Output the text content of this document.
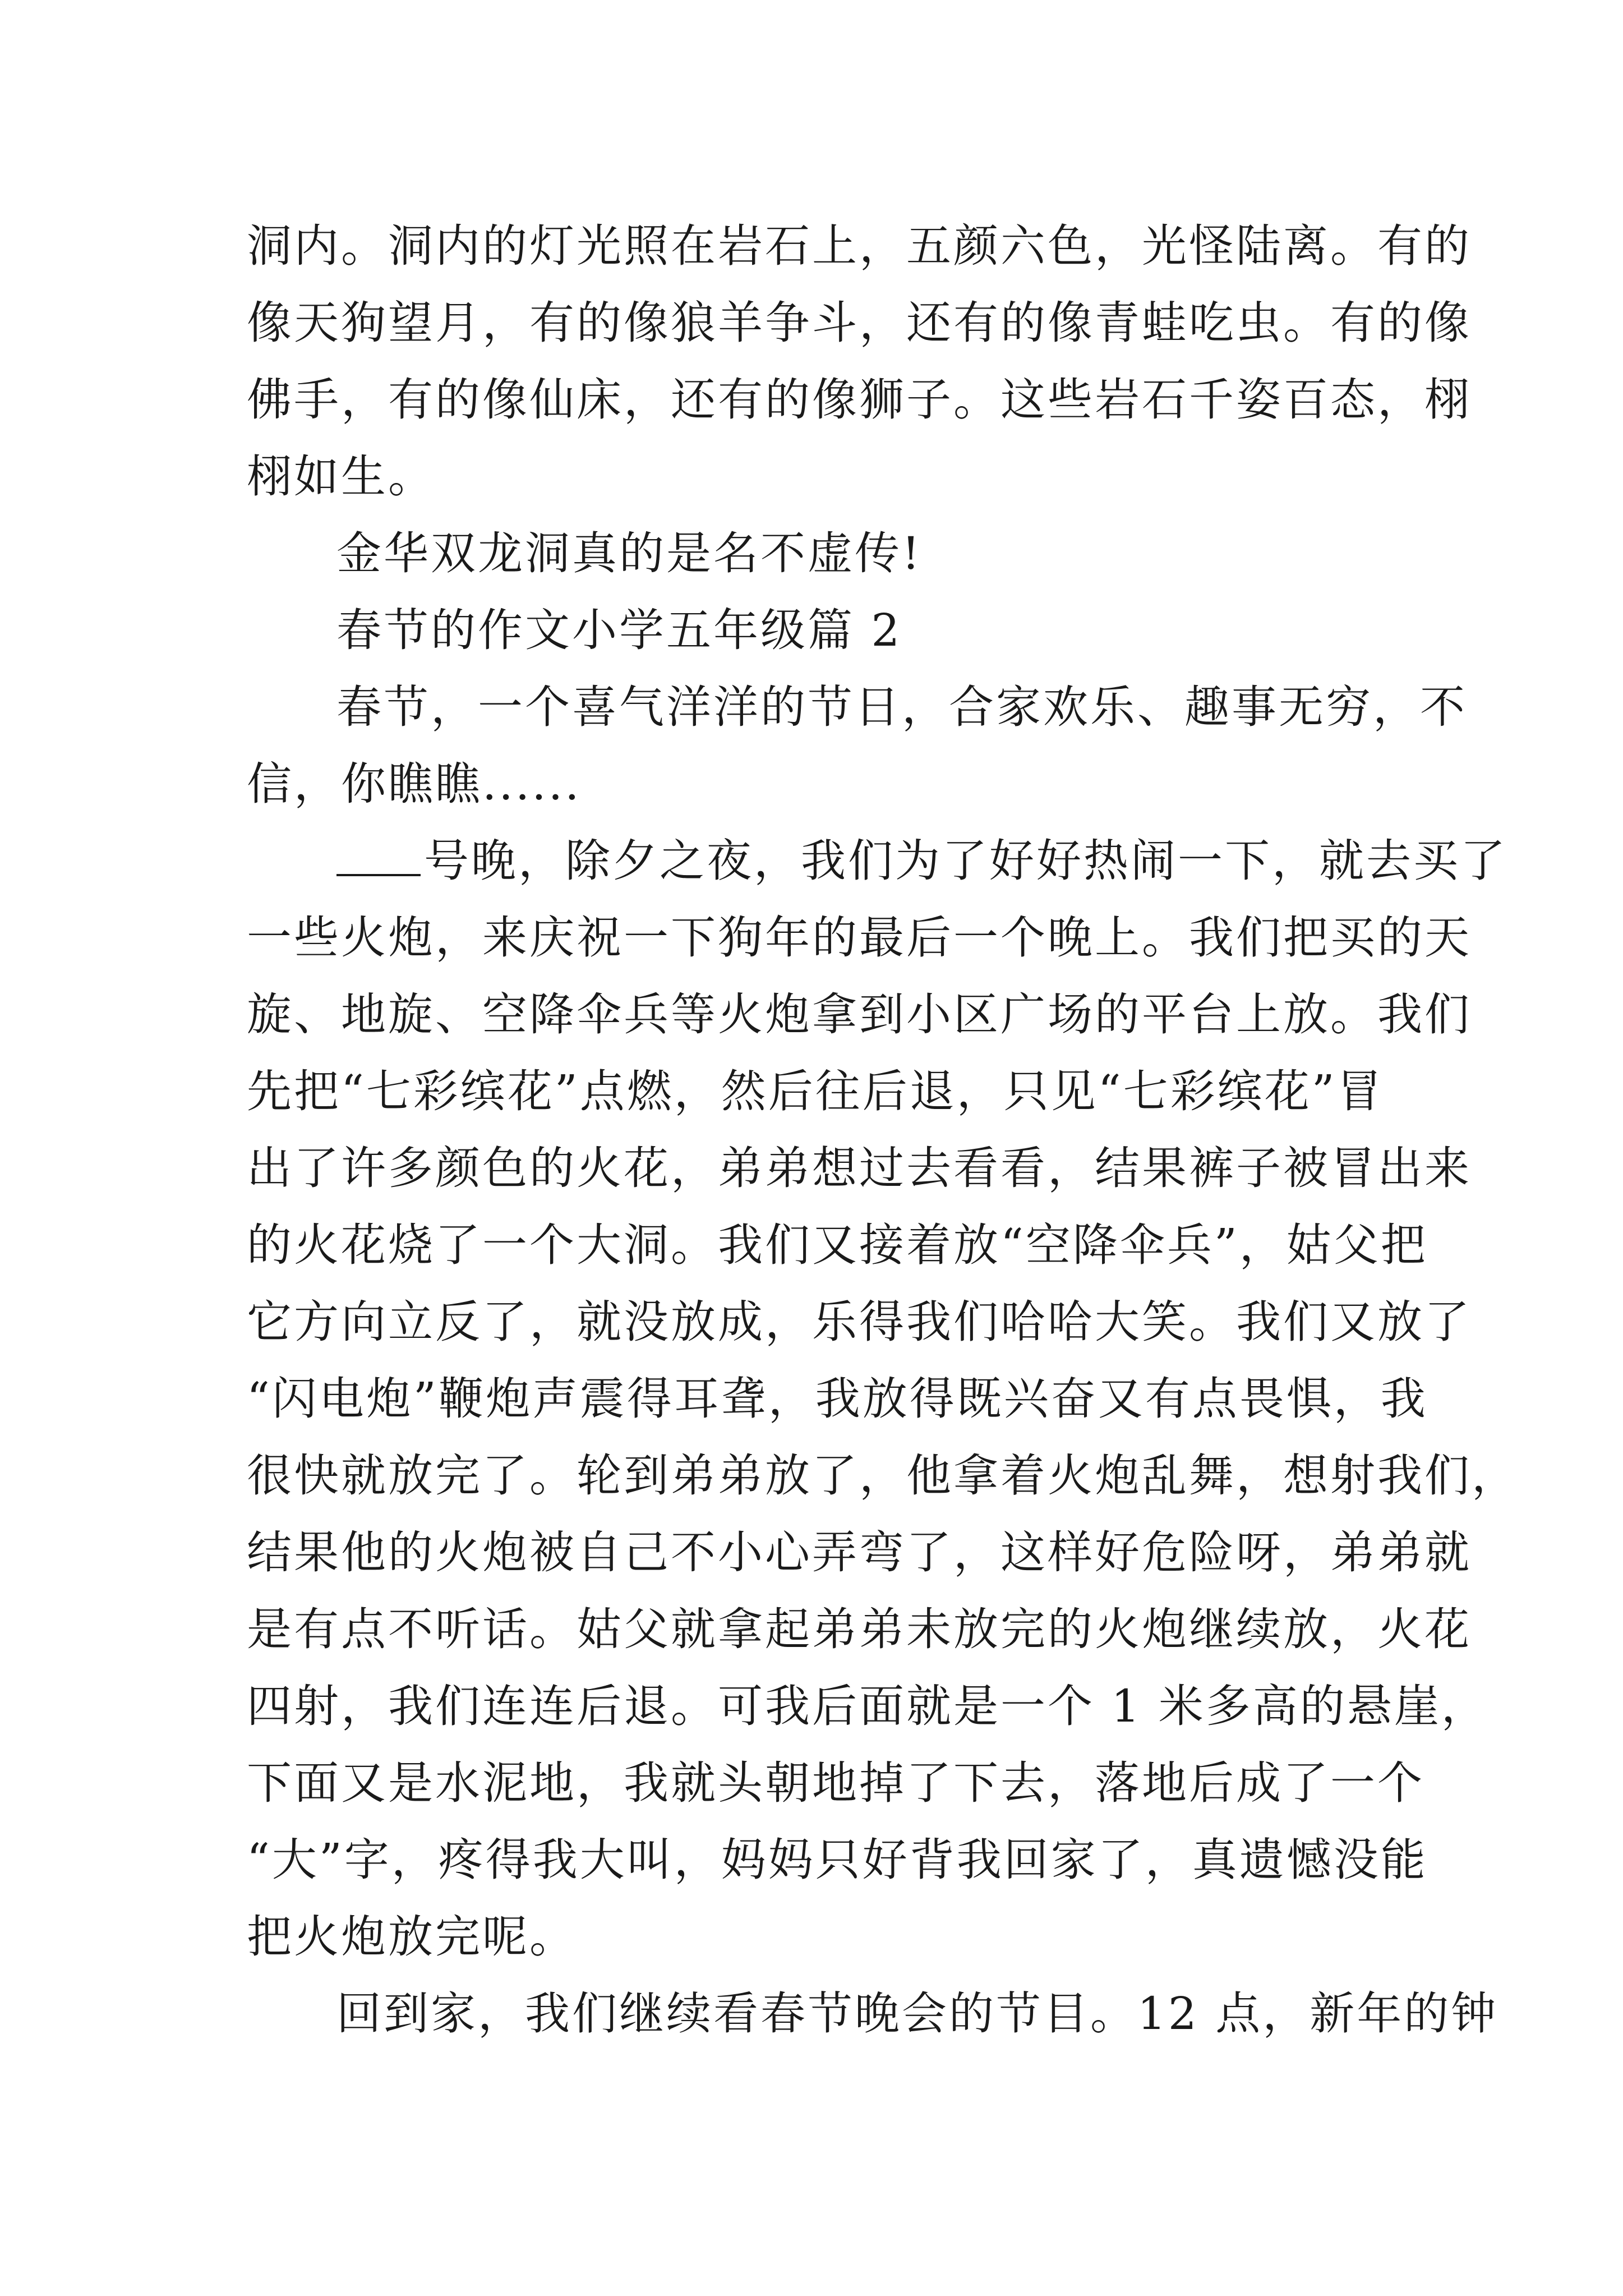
洞内。洞内的灯光照在岩石上，五颜六色，光怪陆离。有的
像天狗望月，有的像狼羊争斗，还有的像青蛙吃虫。有的像
佛手，有的像仙床，还有的像狮子。这些岩石千姿百态，栩
栩如生。
金华双龙洞真的是名不虚传!
春节的作文小学五年级篇 2
春节，一个喜气洋洋的节日，合家欢乐、趣事无穷，不
信，你瞧瞧......
号晚，除夕之夜，我们为了好好热闹一下，就去买了
一些火炮，来庆祝一下狗年的最后一个晚上。我们把买的天
旋、地旋、空降伞兵等火炮拿到小区广场的平台上放。我们
先把“七彩缤花”点燃，然后往后退，只见“七彩缤花”冒
出了许多颜色的火花，弟弟想过去看看，结果裤子被冒出来
的火花烧了一个大洞。我们又接着放“空降伞兵”，姑父把
它方向立反了，就没放成，乐得我们哈哈大笑。我们又放了
“闪电炮”鞭炮声震得耳聋，我放得既兴奋又有点畏惧，我
很快就放完了。轮到弟弟放了，他拿着火炮乱舞，想射我们，
结果他的火炮被自己不小心弄弯了，这样好危险呀，弟弟就
是有点不听话。姑父就拿起弟弟未放完的火炮继续放，火花
四射，我们连连后退。可我后面就是一个 1 米多高的悬崖，
下面又是水泥地，我就头朝地掉了下去，落地后成了一个
“大”字，疼得我大叫，妈妈只好背我回家了，真遗憾没能
把火炮放完呢。
回到家，我们继续看春节晚会的节目。12 点，新年的钟
